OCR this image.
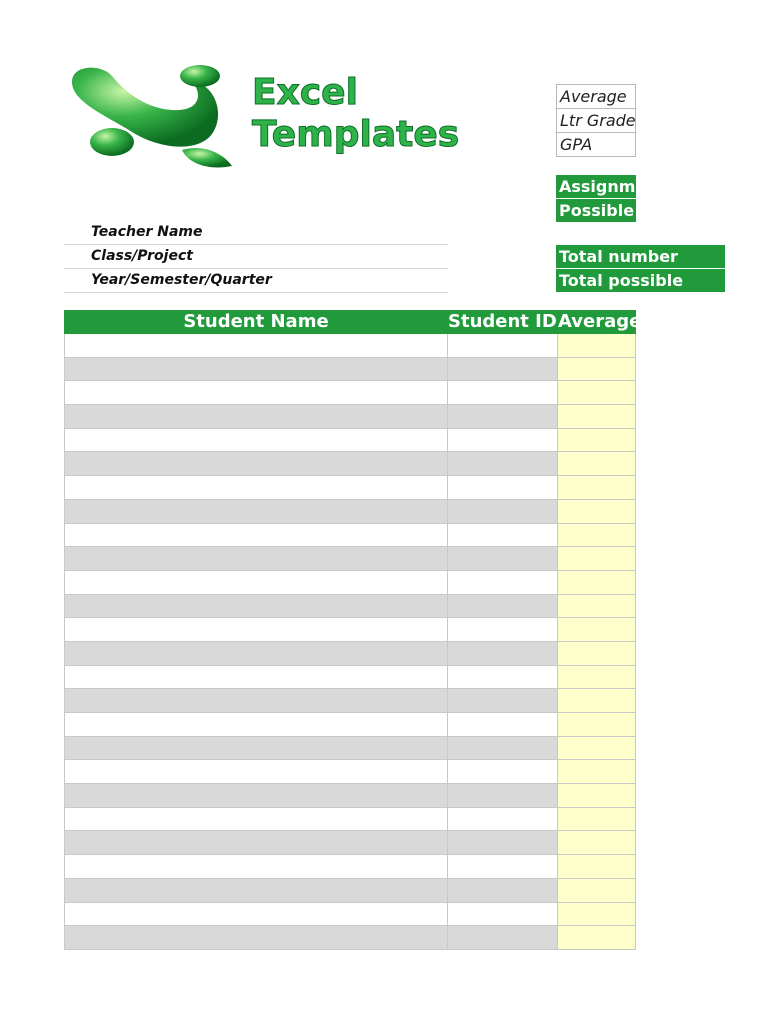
Excel
Templates
Average
Ltr Grade
GPA
Assignment
Possible
Total number
Total possible
Teacher Name
Class/Project
Year/Semester/Quarter
Student Name	Student ID Average
